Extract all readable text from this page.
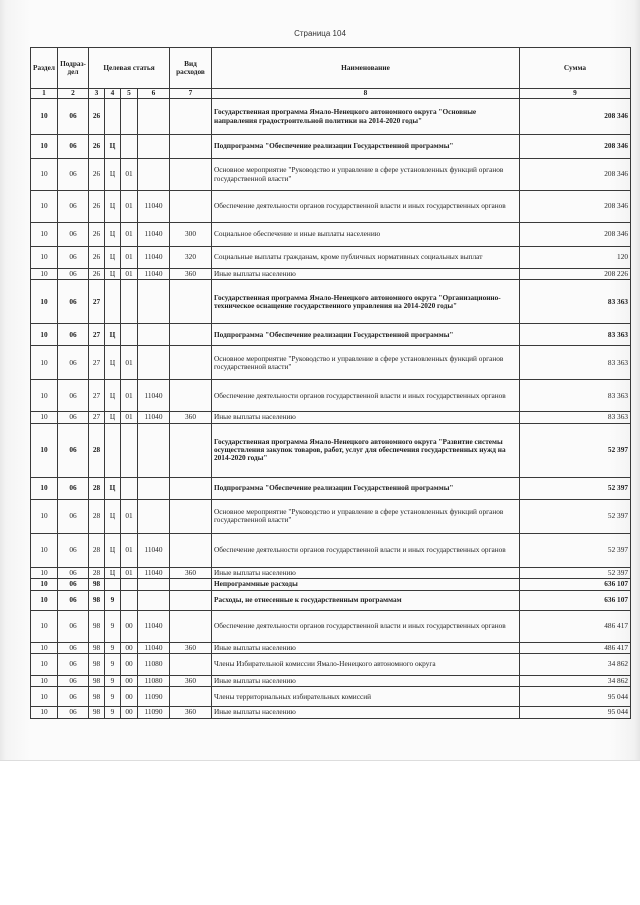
Страница 104
Раздел	Подраз-дел	Целевая статья				Вид расходов	Наименование	Сумма
1	2	3	4	5	6	7	8	9
10	06	26					Государственная программа Ямало-Ненецкого автономного округа "Основные направления градостроительной политики на 2014-2020 годы"	208 346
10	06	26	Ц				Подпрограмма "Обеспечение реализации Государственной программы"	208 346
10	06	26	Ц	01			Основное мероприятие "Руководство и управление в сфере установленных функций органов государственной власти"	208 346
10	06	26	Ц	01	11040		Обеспечение деятельности органов государственной власти и иных государственных органов	208 346
10	06	26	Ц	01	11040	300	Социальное обеспечение и иные выплаты населению	208 346
10	06	26	Ц	01	11040	320	Социальные выплаты гражданам, кроме публичных нормативных социальных выплат	120
10	06	26	Ц	01	11040	360	Иные выплаты населению	208 226
10	06	27					Государственная программа Ямало-Ненецкого автономного округа "Организационно-техническое оснащение государственного управления на 2014-2020 годы"	83 363
10	06	27	Ц				Подпрограмма "Обеспечение реализации Государственной программы"	83 363
10	06	27	Ц	01			Основное мероприятие "Руководство и управление в сфере установленных функций органов государственной власти"	83 363
10	06	27	Ц	01	11040		Обеспечение деятельности органов государственной власти и иных государственных органов	83 363
10	06	27	Ц	01	11040	360	Иные выплаты населению	83 363
10	06	28					Государственная программа Ямало-Ненецкого автономного округа "Развитие системы осуществления закупок товаров, работ, услуг для обеспечения государственных нужд на 2014-2020 годы"	52 397
10	06	28	Ц				Подпрограмма "Обеспечение реализации Государственной программы"	52 397
10	06	28	Ц	01			Основное мероприятие "Руководство и управление в сфере установленных функций органов государственной власти"	52 397
10	06	28	Ц	01	11040		Обеспечение деятельности органов государственной власти и иных государственных органов	52 397
10	06	28	Ц	01	11040	360	Иные выплаты населению	52 397
10	06	98					Непрограммные расходы	636 107
10	06	98	9				Расходы, не отнесенные к государственным программам	636 107
10	06	98	9	00	11040		Обеспечение деятельности органов государственной власти и иных государственных органов	486 417
10	06	98	9	00	11040	360	Иные выплаты населению	486 417
10	06	98	9	00	11080		Члены Избирательной комиссии Ямало-Ненецкого автономного округа	34 862
10	06	98	9	00	11080	360	Иные выплаты населению	34 862
10	06	98	9	00	11090		Члены территориальных избирательных комиссий	95 044
10	06	98	9	00	11090	360	Иные выплаты населению	95 044
